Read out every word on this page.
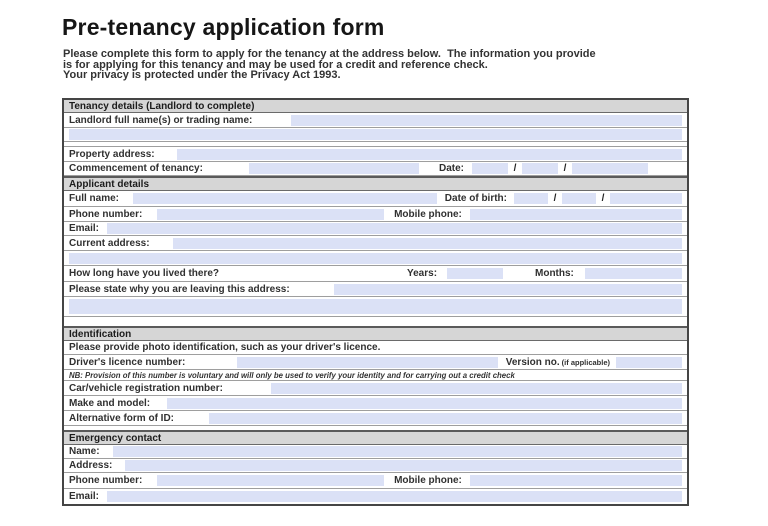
Pre-tenancy application form
Please complete this form to apply for the tenancy at the address below.  The information you provide
is for applying for this tenancy and may be used for a credit and reference check.
Your privacy is protected under the Privacy Act 1993.
Tenancy details (Landlord to complete)
Landlord full name(s) or trading name:
Property address:
Commencement of tenancy:	Date:	/	/
Applicant details
Full name:	Date of birth:	/	/
Phone number:	Mobile phone:
Email:
Current address:
How long have you lived there?	Years:	Months:
Please state why you are leaving this address:
Identification
Please provide photo identification, such as your driver's licence.
Driver's licence number:	Version no. (if applicable)
NB: Provision of this number is voluntary and will only be used to verify your identity and for carrying out a credit check
Car/vehicle registration number:
Make and model:
Alternative form of ID:
Emergency contact
Name:
Address:
Phone number:	Mobile phone:
Email:
